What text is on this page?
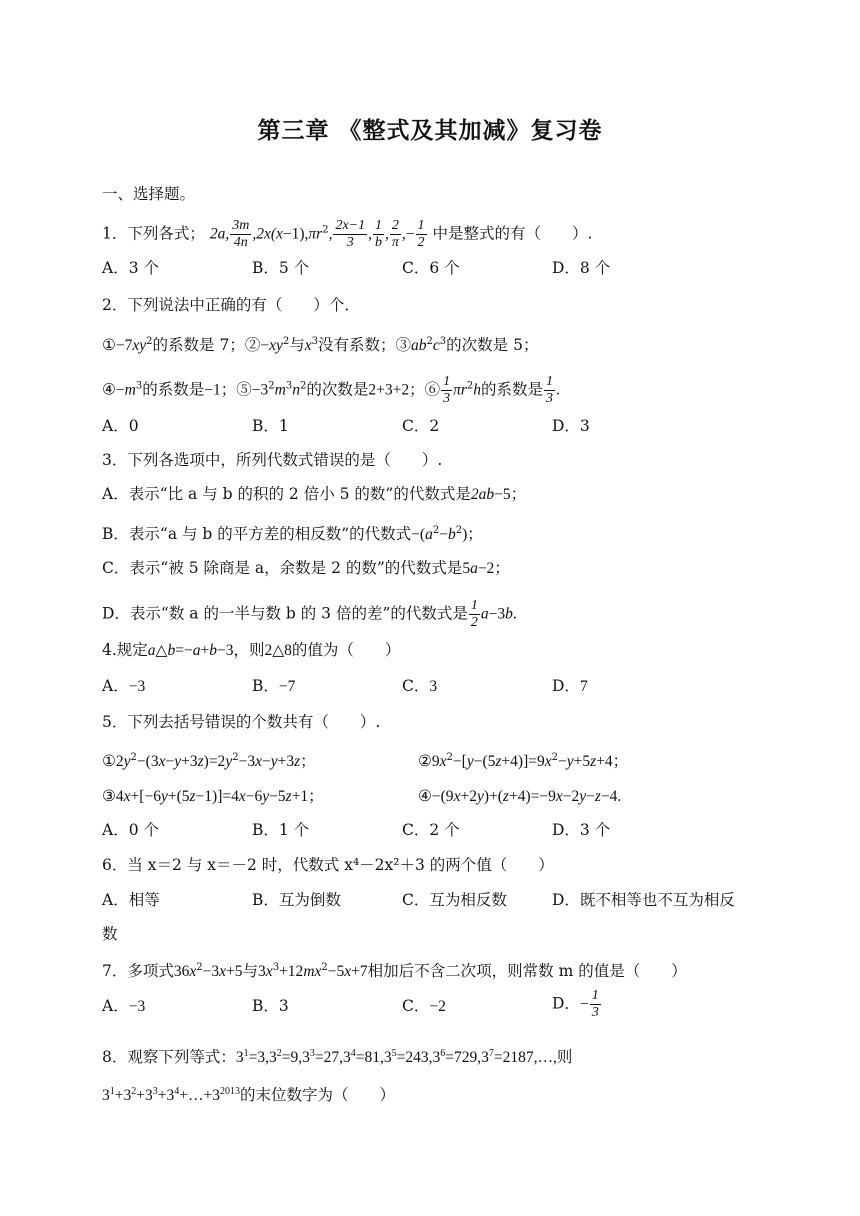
第三章 《整式及其加减》复习卷
一、选择题。
1．下列各式； 2a, $\frac{3m}{4n} ,2x(x-1),\pi r^2$, $\frac{2x-1}{3}$ , $\frac{1}{b}$ , $\frac{2}{\pi}$ ,− $\frac{1}{2}$ 中是整式的有（　　）.
A．3 个	B．5 个	C．6 个	D．8 个
2．下列说法中正确的有（　　）个．
$①-7xy^2$的系数是 7；$②-xy^2$与$x^3$没有系数；$③ab^2c^3$的次数是 5；
$④-m^3$的系数是−1；$⑤-3^2m^3n^2$的次数是2+3+2；⑥ $\frac{1}{3} \pi r^2h$的系数是 $\frac{1}{3}$ .
A．0	B．1	C．2	D．3
3．下列各选项中，所列代数式错误的是（　　）.
A．表示“比 a 与 b 的积的 2 倍小 5 的数”的代数式是2ab−5；
B．表示“a 与 b 的平方差的相反数”的代数式$-(a^2-b^2)$；
C．表示“被 5 除商是 a，余数是 2 的数”的代数式是5a−2；
D．表示“数 a 的一半与数 b 的 3 倍的差”的代数式是 $\frac{1}{2} a-3b$.
4.规定a△b=−a+b−3，则2△8的值为（　　）
A．−3	B．−7	C．3	D．7
5．下列去括号错误的个数共有（　　）.
$①2y^2-(3x-y+3z)=2y^2-3x-y+3z$；	$②9x^2-[y-(5z+4)]=9x^2-y+5z+4$；
③4x+[−6y+(5z−1)]=4x−6y−5z+1；	④−(9x+2y)+(z+4)=−9x−2y−z−4.
A．0 个	B．1 个	C．2 个	D．3 个
6．当 x＝2 与 x＝－2 时，代数式 x⁴－2x²＋3 的两个值（　　）
A．相等	B．互为倒数	C．互为相反数	D．既不相等也不互为相反
数
7．多项式$36x^2-3x+5$与$3x^3+12mx^2-5x+7$相加后不含二次项，则常数 m 的值是（　　）
A．−3	B．3	C．−2	D．− $\frac{1}{3}$
8．观察下列等式：$3^1=3,3^2=9,3^3=27,3^4=81,3^5=243,3^6=729,3^7=2187,\dots$,则
$3^1+3^2+3^3+3^4+\dots+3^{2013}$的末位数字为（　　）
